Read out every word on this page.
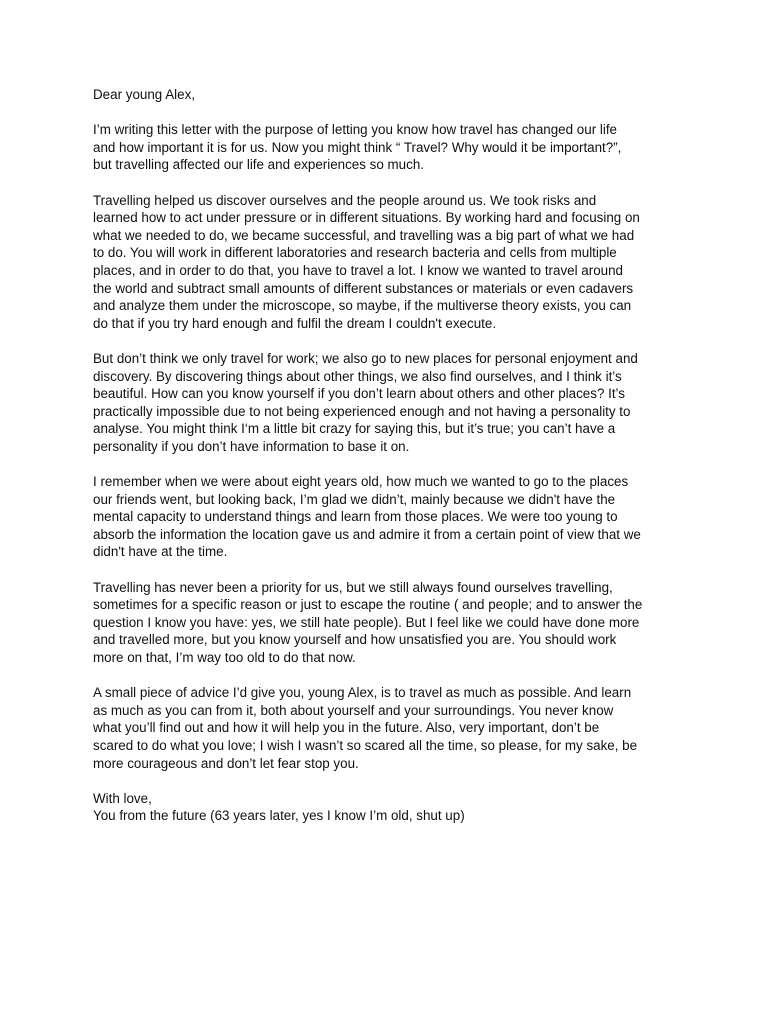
Dear young Alex,

I’m writing this letter with the purpose of letting you know how travel has changed our life
and how important it is for us. Now you might think “ Travel? Why would it be important?”,
but travelling affected our life and experiences so much.

Travelling helped us discover ourselves and the people around us. We took risks and
learned how to act under pressure or in different situations. By working hard and focusing on
what we needed to do, we became successful, and travelling was a big part of what we had
to do. You will work in different laboratories and research bacteria and cells from multiple
places, and in order to do that, you have to travel a lot. I know we wanted to travel around
the world and subtract small amounts of different substances or materials or even cadavers
and analyze them under the microscope, so maybe, if the multiverse theory exists, you can
do that if you try hard enough and fulfil the dream I couldn't execute.

But don’t think we only travel for work; we also go to new places for personal enjoyment and
discovery. By discovering things about other things, we also find ourselves, and I think it’s
beautiful. How can you know yourself if you don’t learn about others and other places? It’s
practically impossible due to not being experienced enough and not having a personality to
analyse. You might think I‘m a little bit crazy for saying this, but it’s true; you can’t have a
personality if you don’t have information to base it on.

I remember when we were about eight years old, how much we wanted to go to the places
our friends went, but looking back, I’m glad we didn’t, mainly because we didn't have the
mental capacity to understand things and learn from those places. We were too young to
absorb the information the location gave us and admire it from a certain point of view that we
didn't have at the time.

Travelling has never been a priority for us, but we still always found ourselves travelling,
sometimes for a specific reason or just to escape the routine ( and people; and to answer the
question I know you have: yes, we still hate people). But I feel like we could have done more
and travelled more, but you know yourself and how unsatisfied you are. You should work
more on that, I’m way too old to do that now.

A small piece of advice I’d give you, young Alex, is to travel as much as possible. And learn
as much as you can from it, both about yourself and your surroundings. You never know
what you’ll find out and how it will help you in the future. Also, very important, don’t be
scared to do what you love; I wish I wasn’t so scared all the time, so please, for my sake, be
more courageous and don’t let fear stop you.

With love,
You from the future (63 years later, yes I know I’m old, shut up)
